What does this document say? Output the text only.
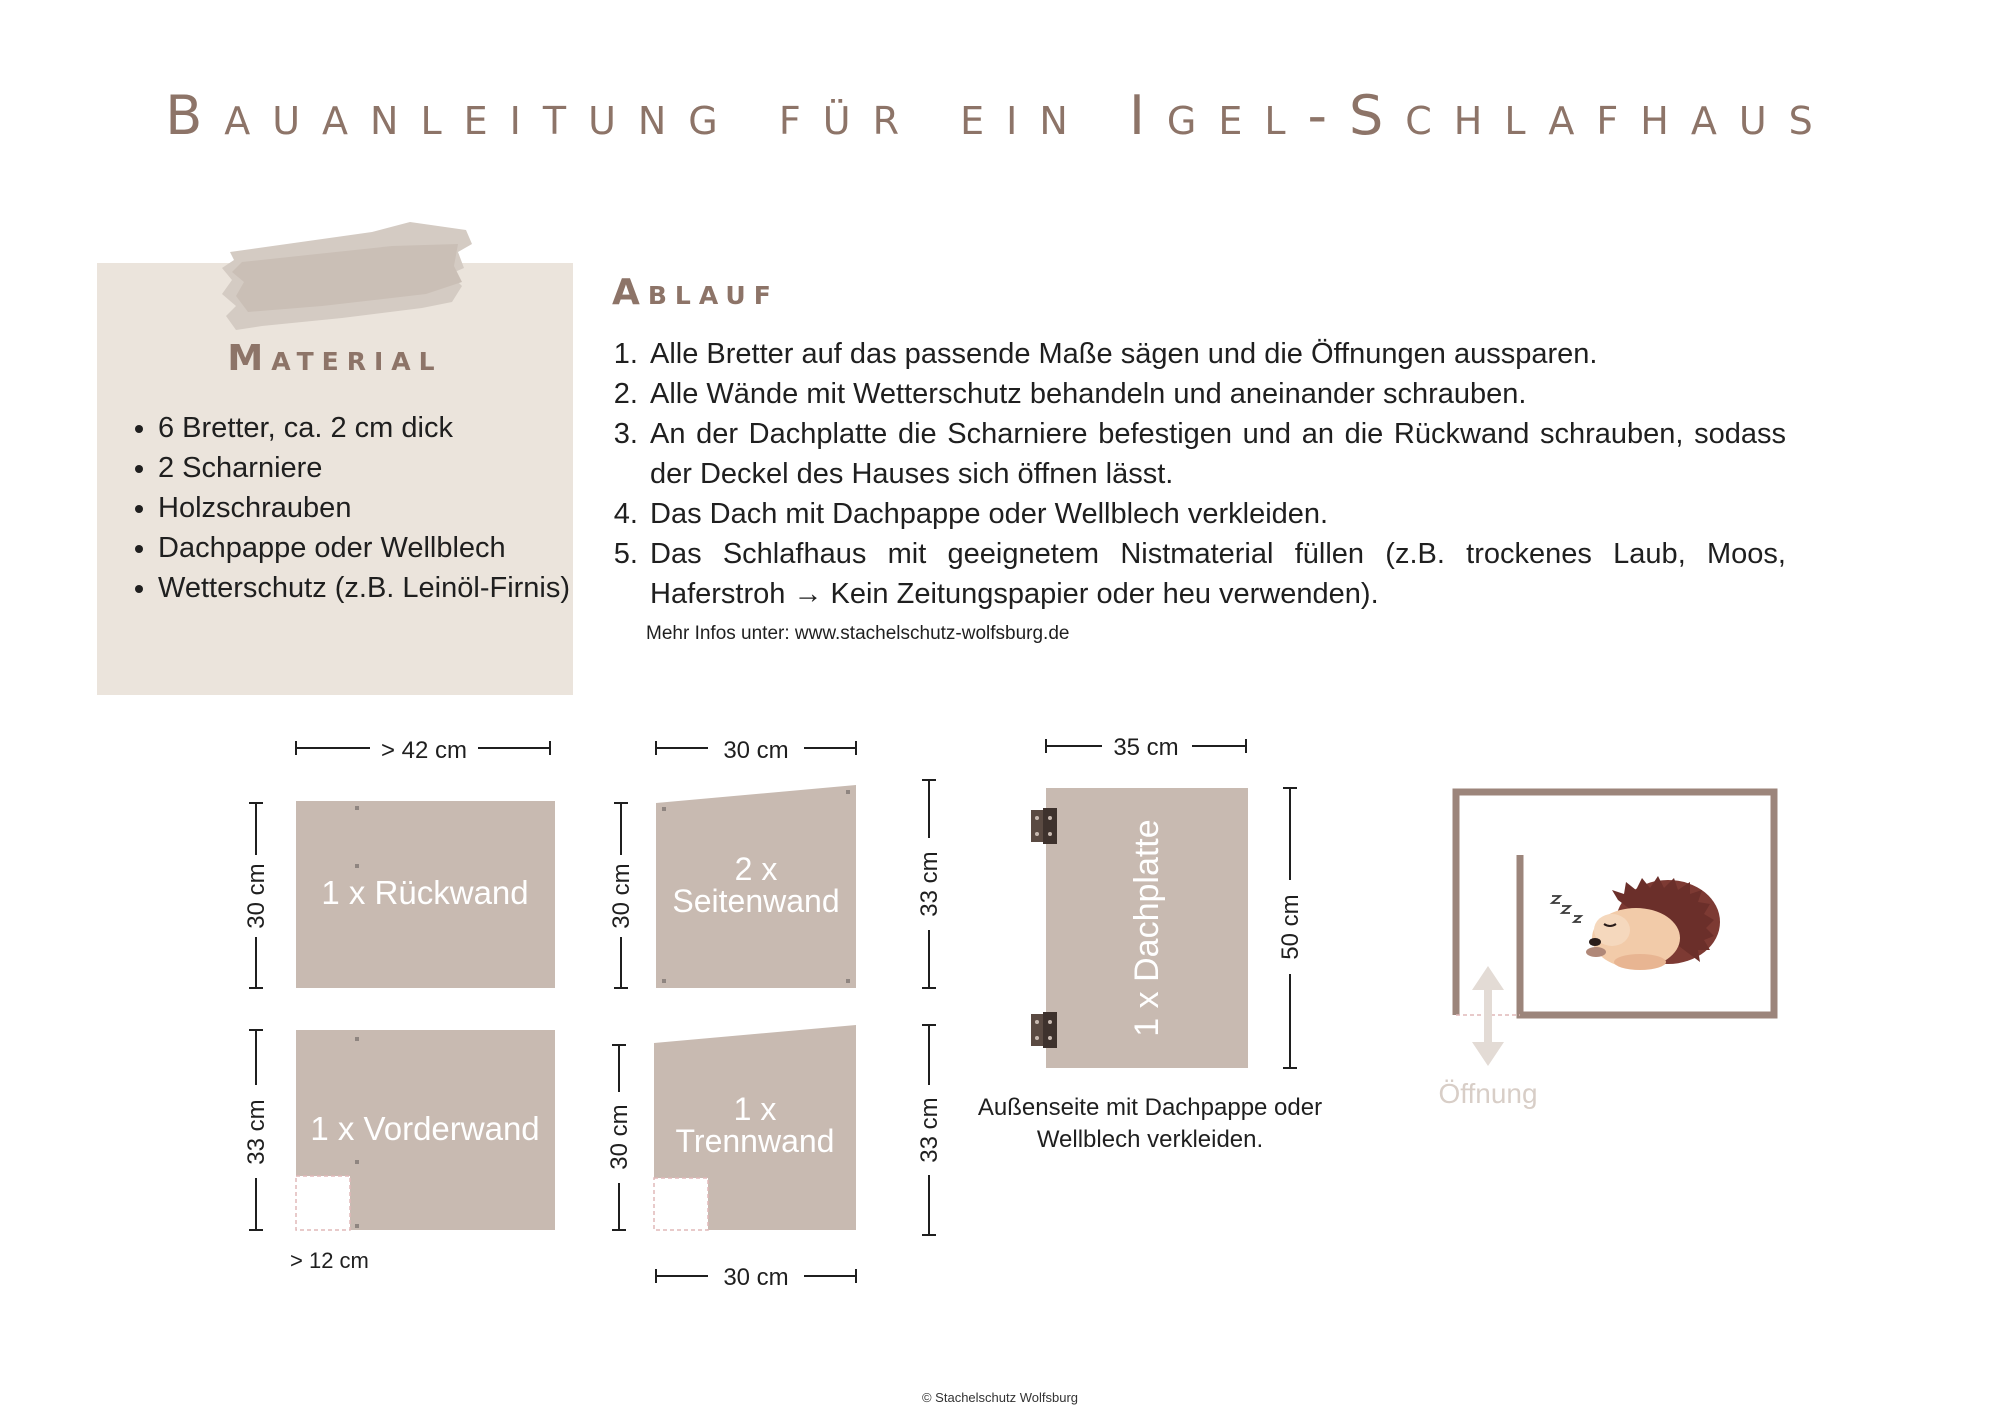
Bauanleitung für ein Igel-Schlafhaus
Material
• 6 Bretter, ca. 2 cm dick
• 2 Scharniere
• Holzschrauben
• Dachpappe oder Wellblech
• Wetterschutz (z.B. Leinöl-Firnis)
Ablauf
1. Alle Bretter auf das passende Maße sägen und die Öffnungen aussparen.
2. Alle Wände mit Wetterschutz behandeln und aneinander schrauben.
3. An der Dachplatte die Scharniere befestigen und an die Rückwand schrauben, sodass der Deckel des Hauses sich öffnen lässt.
4. Das Dach mit Dachpappe oder Wellblech verkleiden.
5. Das Schlafhaus mit geeignetem Nistmaterial füllen (z.B. trockenes Laub, Moos, Haferstroh → Kein Zeitungspapier oder heu verwenden).
Mehr Infos unter: www.stachelschutz-wolfsburg.de
1 x Rückwand
> 42 cm
30 cm
1 x Vorderwand
33 cm
> 12 cm
2 x
Seitenwand
30 cm
30 cm	33 cm
1 x
Trennwand
30 cm	33 cm
30 cm
1 x Dachplatte
35 cm
50 cm
Öffnung
Außenseite mit Dachpappe oder Wellblech verkleiden.
© Stachelschutz Wolfsburg
